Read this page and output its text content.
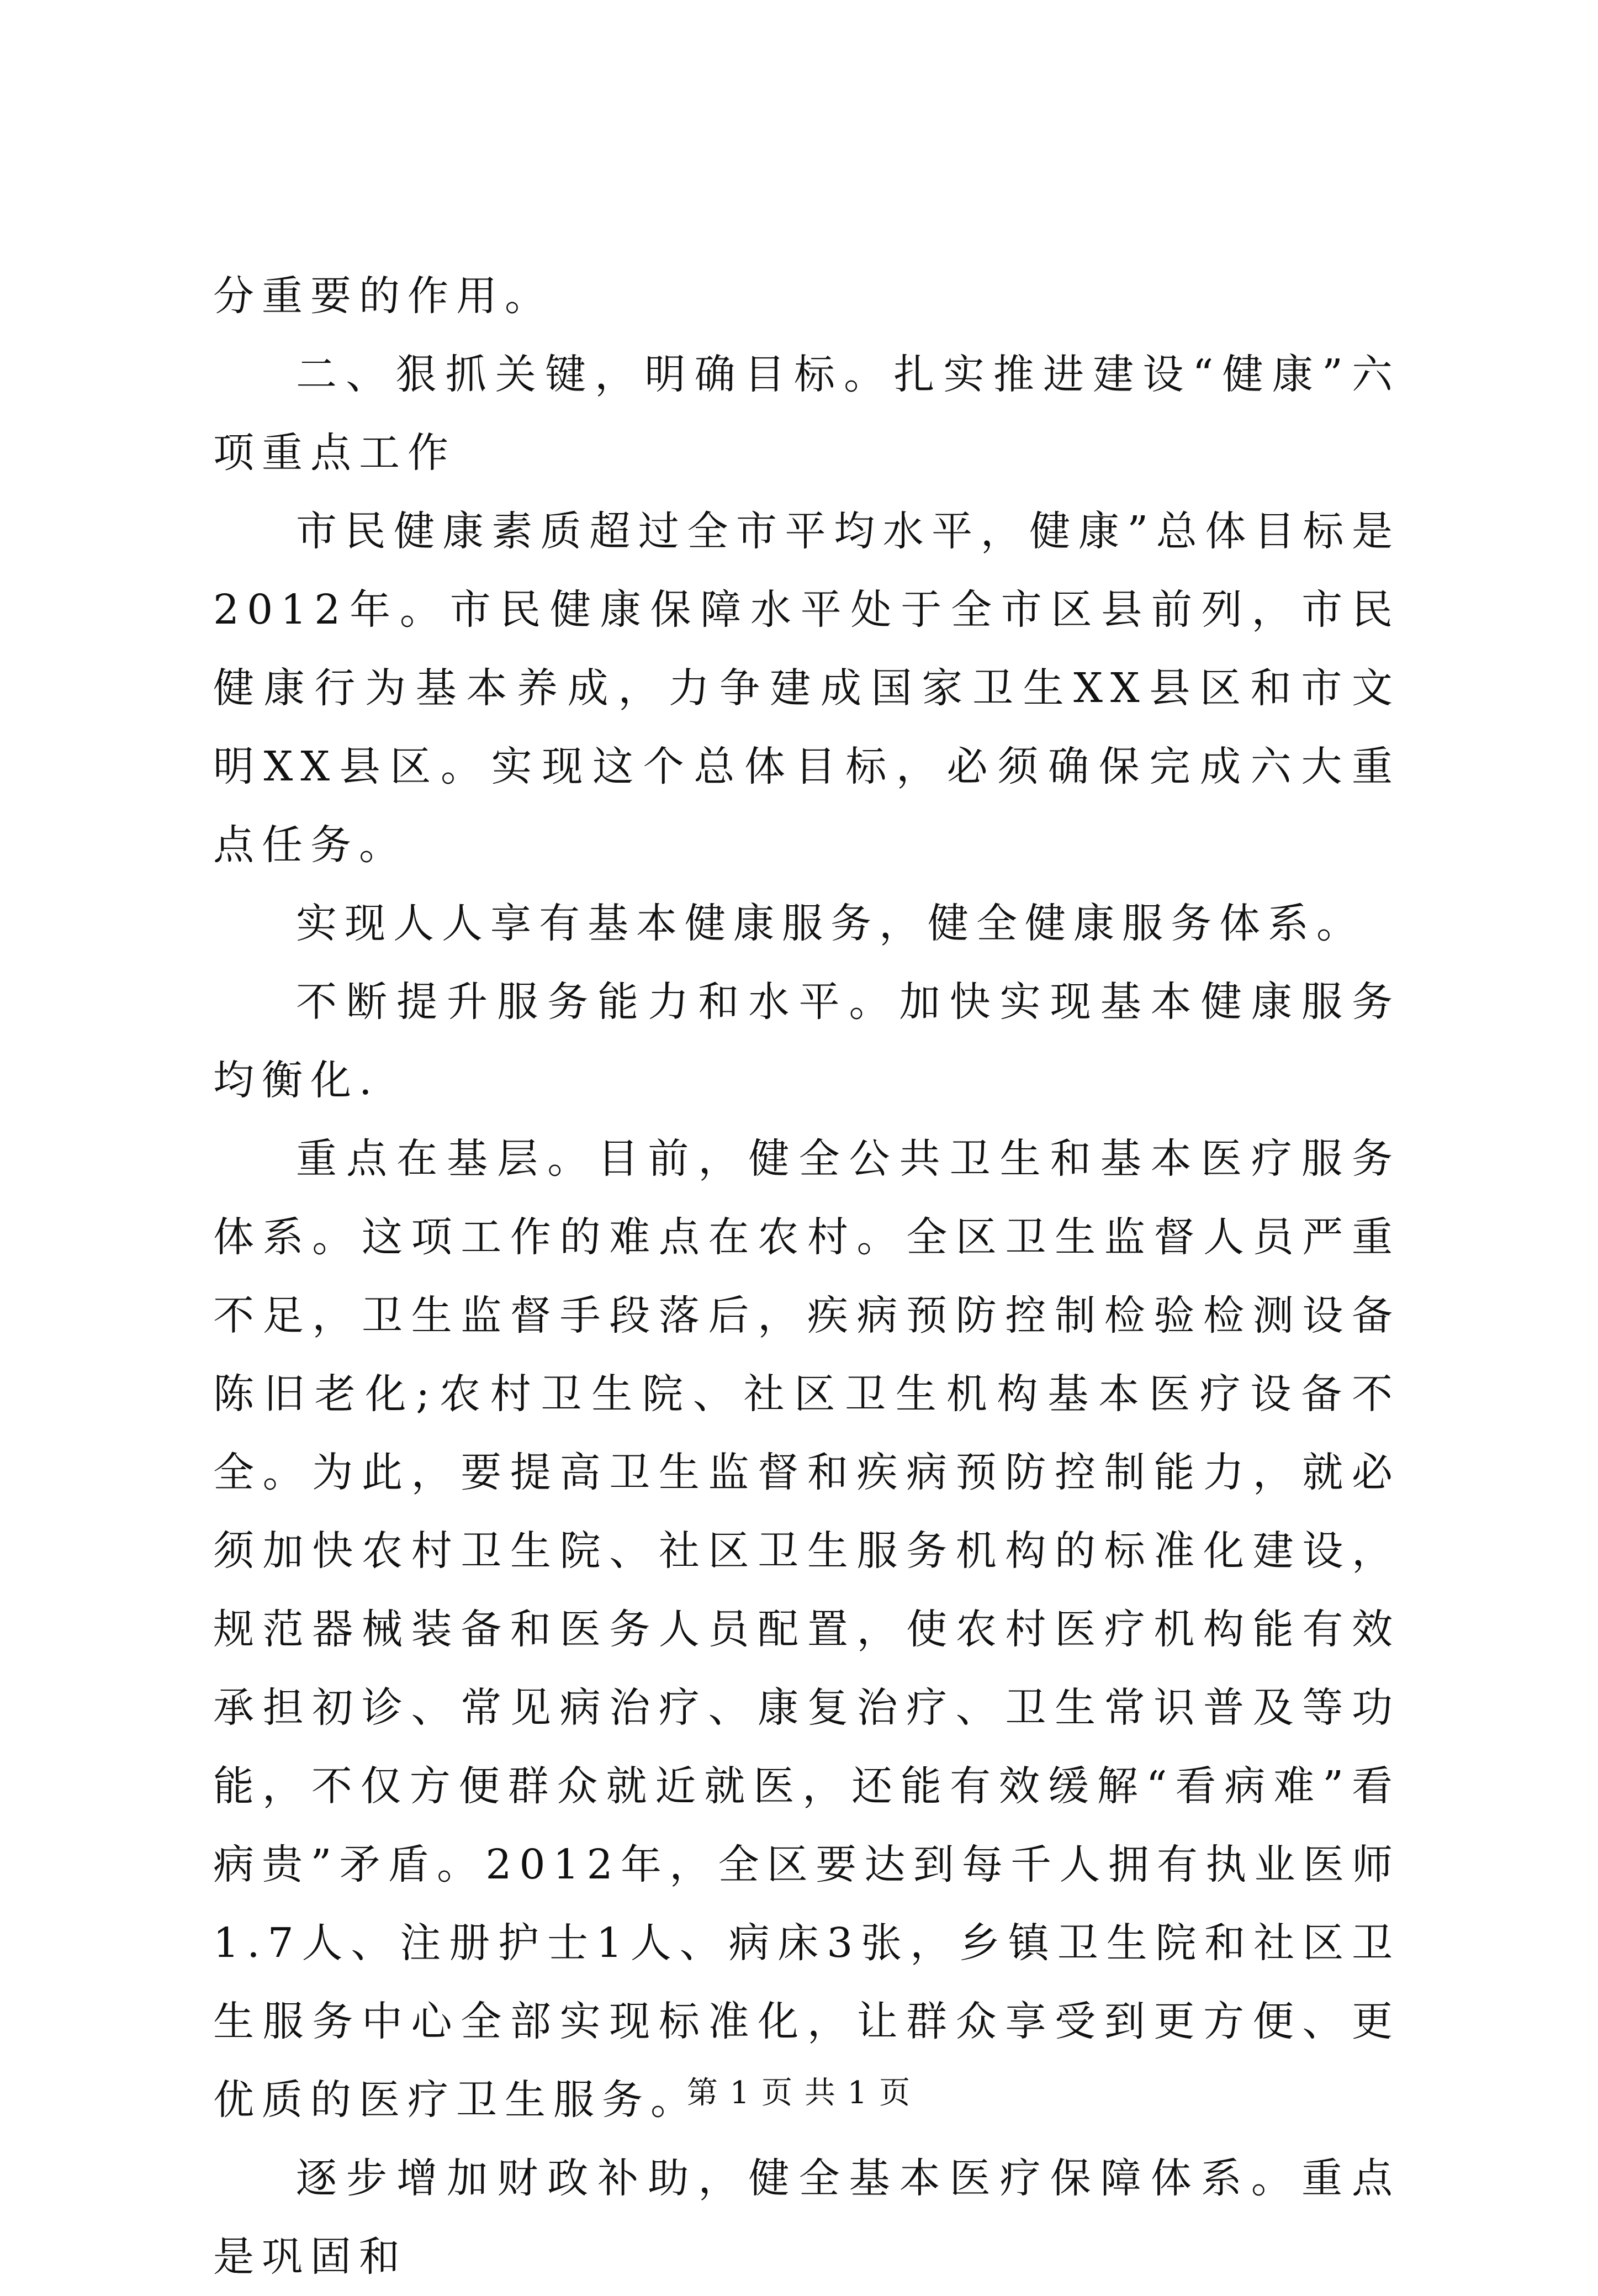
分重要的作用。

二、狠抓关键，明确目标。扎实推进建设“健康”六项重点工作

市民健康素质超过全市平均水平，健康”总体目标是2012年。市民健康保障水平处于全市区县前列，市民健康行为基本养成，力争建成国家卫生XX县区和市文明XX县区。实现这个总体目标，必须确保完成六大重点任务。

实现人人享有基本健康服务，健全健康服务体系。

不断提升服务能力和水平。加快实现基本健康服务均衡化.

重点在基层。目前，健全公共卫生和基本医疗服务体系。这项工作的难点在农村。全区卫生监督人员严重不足，卫生监督手段落后，疾病预防控制检验检测设备陈旧老化;农村卫生院、社区卫生机构基本医疗设备不全。为此，要提高卫生监督和疾病预防控制能力，就必须加快农村卫生院、社区卫生服务机构的标准化建设，规范器械装备和医务人员配置，使农村医疗机构能有效承担初诊、常见病治疗、康复治疗、卫生常识普及等功能，不仅方便群众就近就医，还能有效缓解“看病难”看病贵”矛盾。2012年，全区要达到每千人拥有执业医师1.7人、注册护士1人、病床3张，乡镇卫生院和社区卫生服务中心全部实现标准化，让群众享受到更方便、更优质的医疗卫生服务。

逐步增加财政补助，健全基本医疗保障体系。重点是巩固和

第 1 页 共 1 页
